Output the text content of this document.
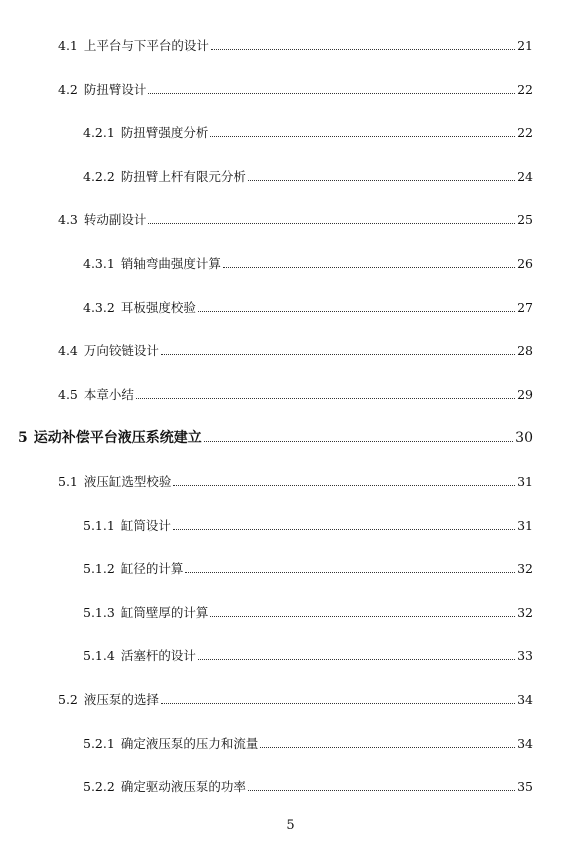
4.1 上平台与下平台的设计	21
4.2 防扭臂设计	22
4.2.1 防扭臂强度分析	22
4.2.2 防扭臂上杆有限元分析	24
4.3 转动副设计	25
4.3.1 销轴弯曲强度计算	26
4.3.2 耳板强度校验	27
4.4 万向铰链设计	28
4.5 本章小结	29
5 运动补偿平台液压系统建立	30
5.1 液压缸选型校验	31
5.1.1 缸筒设计	31
5.1.2 缸径的计算	32
5.1.3 缸筒壁厚的计算	32
5.1.4 活塞杆的设计	33
5.2 液压泵的选择	34
5.2.1 确定液压泵的压力和流量	34
5.2.2 确定驱动液压泵的功率	35
5
